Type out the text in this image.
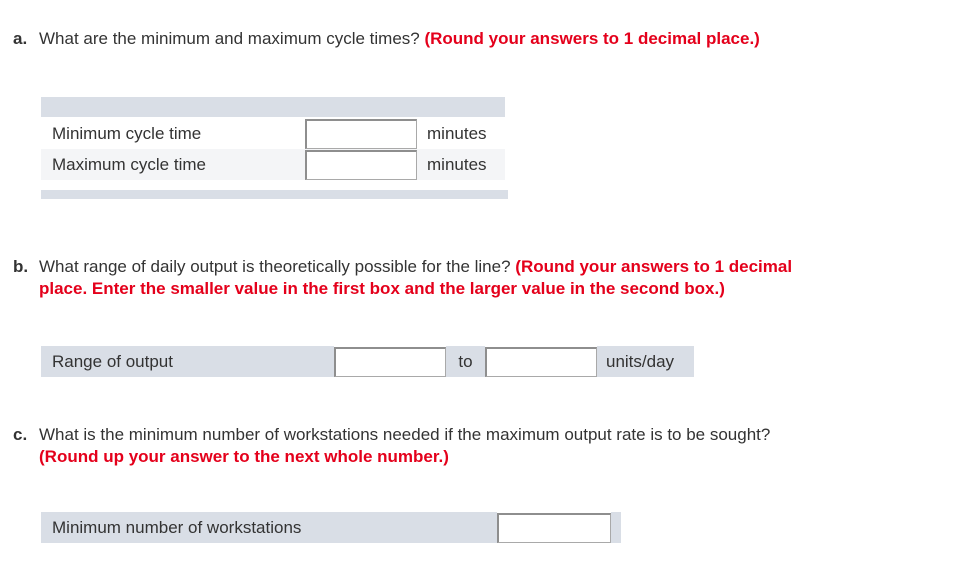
a. What are the minimum and maximum cycle times? (Round your answers to 1 decimal place.)
Minimum cycle time	minutes
Maximum cycle time	minutes
b. What range of daily output is theoretically possible for the line? (Round your answers to 1 decimal
place. Enter the smaller value in the first box and the larger value in the second box.)
Range of output	to	units/day
c. What is the minimum number of workstations needed if the maximum output rate is to be sought?
(Round up your answer to the next whole number.)
Minimum number of workstations
